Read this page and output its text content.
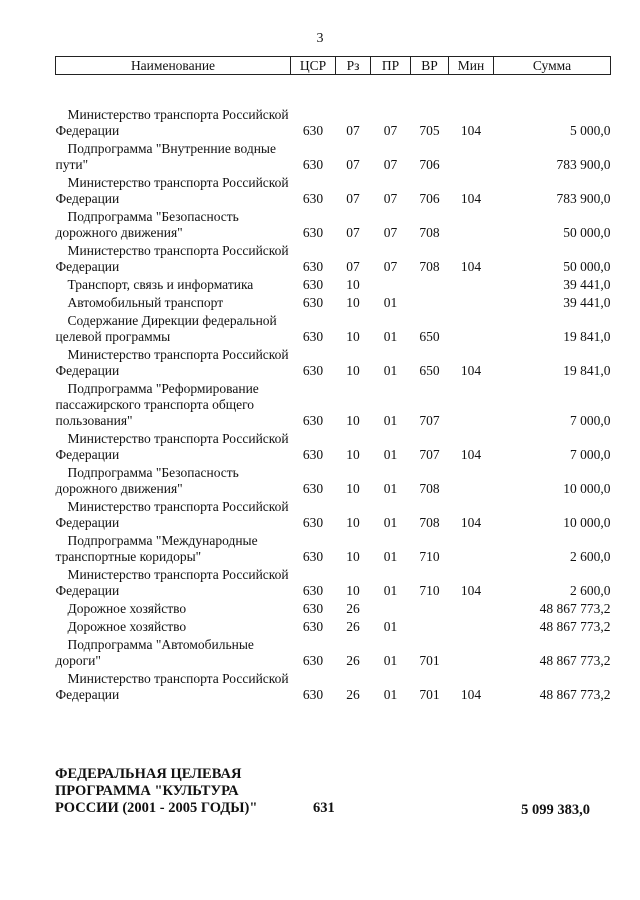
3
Наименование	ЦСР	Рз	ПР	ВР	Мин	Сумма

Министерство транспорта Российской Федерации	630	07	07	705	104	5 000,0
Подпрограмма "Внутренние водные пути"	630	07	07	706		783 900,0
Министерство транспорта Российской Федерации	630	07	07	706	104	783 900,0
Подпрограмма "Безопасность дорожного движения"	630	07	07	708		50 000,0
Министерство транспорта Российской Федерации	630	07	07	708	104	50 000,0
Транспорт, связь и информатика	630	10				39 441,0
Автомобильный транспорт	630	10	01			39 441,0
Содержание Дирекции федеральной целевой программы	630	10	01	650		19 841,0
Министерство транспорта Российской Федерации	630	10	01	650	104	19 841,0
Подпрограмма "Реформирование пассажирского транспорта общего пользования"	630	10	01	707		7 000,0
Министерство транспорта Российской Федерации	630	10	01	707	104	7 000,0
Подпрограмма "Безопасность дорожного движения"	630	10	01	708		10 000,0
Министерство транспорта Российской Федерации	630	10	01	708	104	10 000,0
Подпрограмма "Международные транспортные коридоры"	630	10	01	710		2 600,0
Министерство транспорта Российской Федерации	630	10	01	710	104	2 600,0
Дорожное хозяйство	630	26				48 867 773,2
Дорожное хозяйство	630	26	01			48 867 773,2
Подпрограмма "Автомобильные дороги"	630	26	01	701		48 867 773,2
Министерство транспорта Российской Федерации	630	26	01	701	104	48 867 773,2
ФЕДЕРАЛЬНАЯ ЦЕЛЕВАЯ ПРОГРАММА "КУЛЬТУРА РОССИИ (2001 - 2005 ГОДЫ)"	631	5 099 383,0
